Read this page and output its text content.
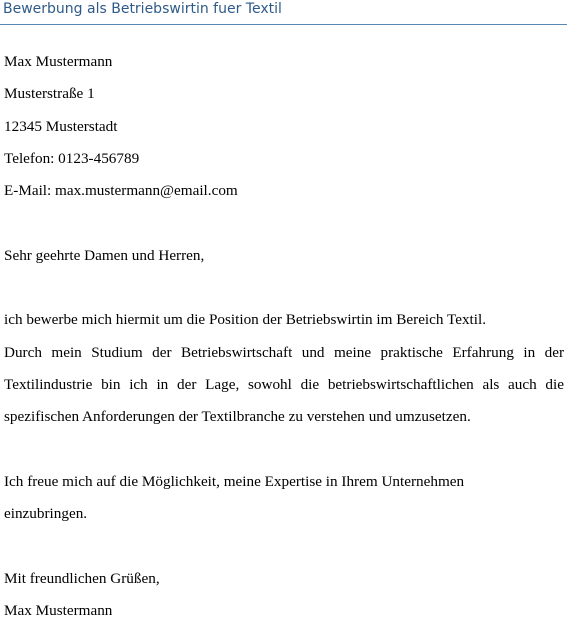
Bewerbung als Betriebswirtin fuer Textil
Max Mustermann
Musterstraße 1
12345 Musterstadt
Telefon: 0123-456789
E-Mail: max.mustermann@email.com
Sehr geehrte Damen und Herren,
ich bewerbe mich hiermit um die Position der Betriebswirtin im Bereich Textil.
Durch mein Studium der Betriebswirtschaft und meine praktische Erfahrung in der
Textilindustrie bin ich in der Lage, sowohl die betriebswirtschaftlichen als auch die
spezifischen Anforderungen der Textilbranche zu verstehen und umzusetzen.
Ich freue mich auf die Möglichkeit, meine Expertise in Ihrem Unternehmen
einzubringen.
Mit freundlichen Grüßen,
Max Mustermann
